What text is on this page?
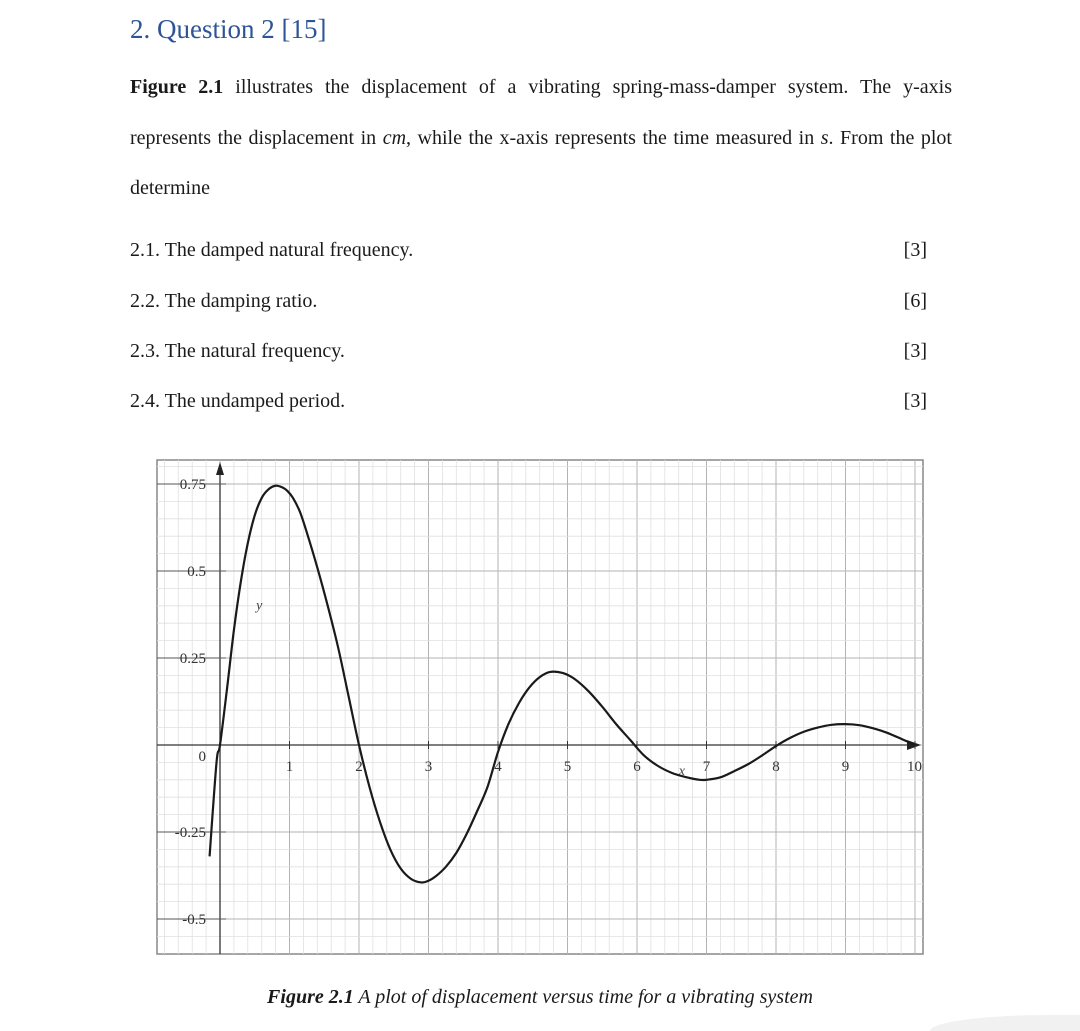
2. Question 2 [15]
Figure 2.1 illustrates the displacement of a vibrating spring-mass-damper system. The y-axis represents the displacement in cm, while the x-axis represents the time measured in s. From the plot determine
2.1. The damped natural frequency.	[3]
2.2. The damping ratio.	[6]
2.3. The natural frequency.	[3]
2.4. The undamped period.	[3]
x
y
1	2	3	4	5	6	7	8	9	10
0.75
0.5
0.25
0
-0.25
-0.5
Figure 2.1 A plot of displacement versus time for a vibrating system
